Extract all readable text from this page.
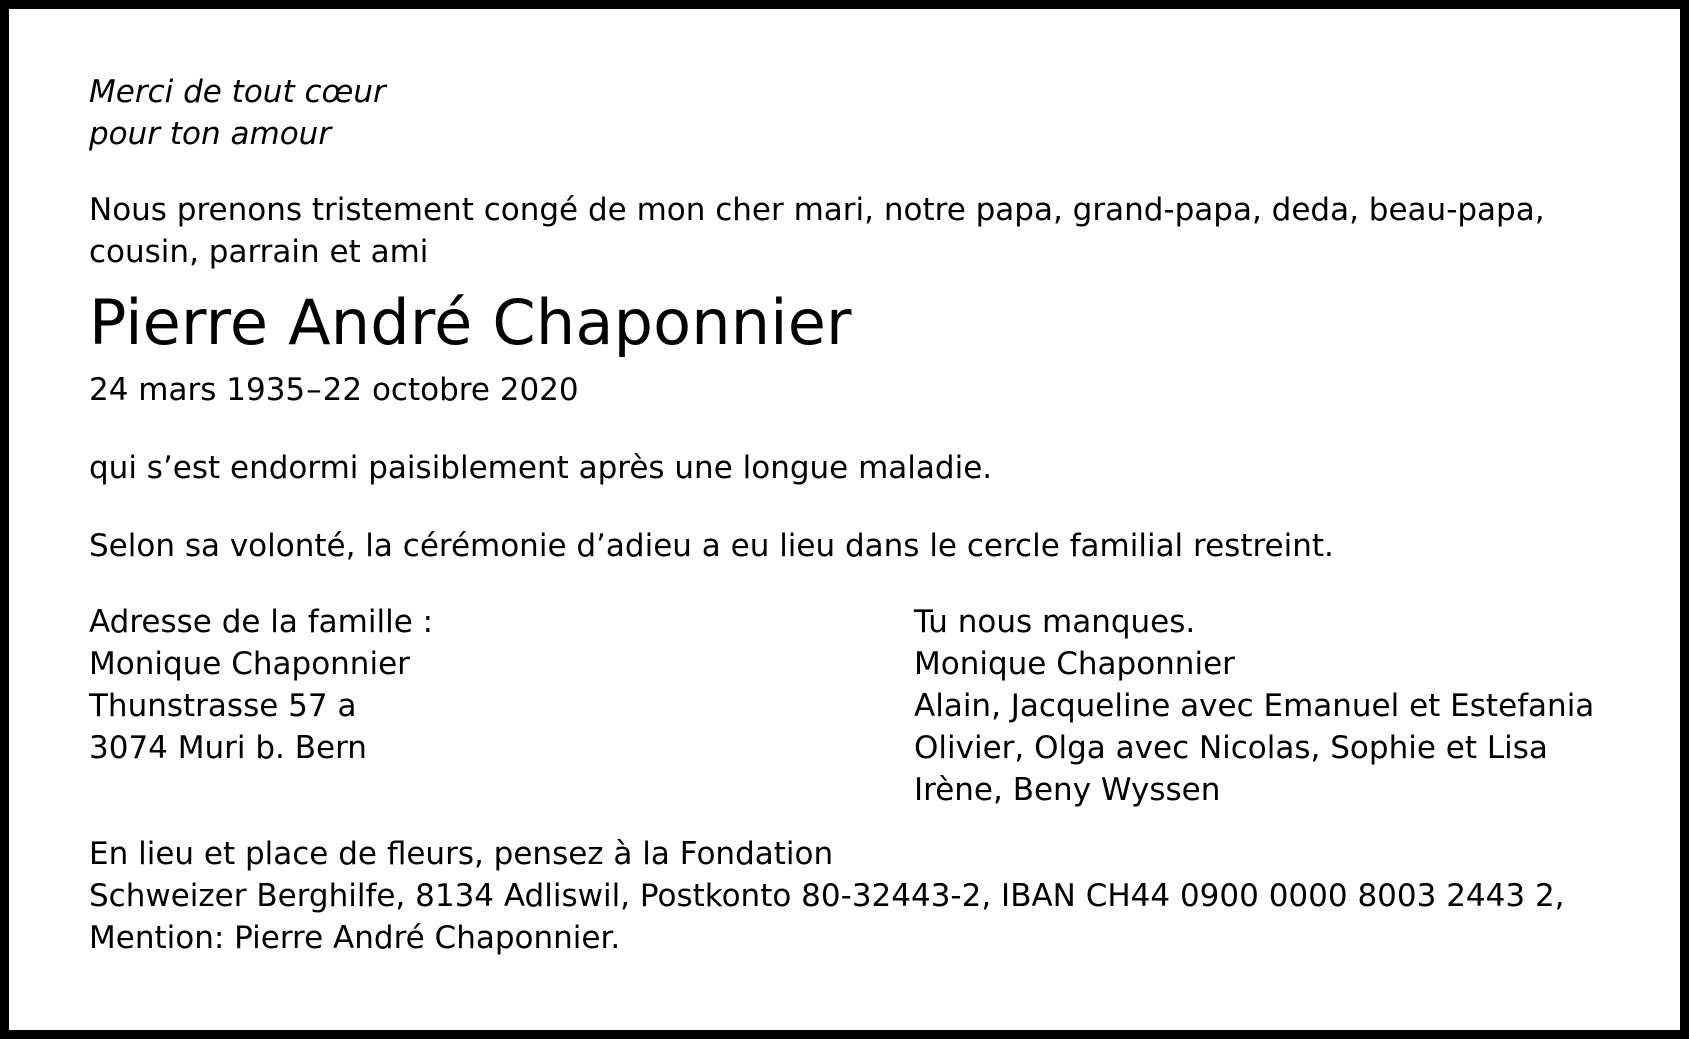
Merci de tout cœur
pour ton amour
Nous prenons tristement congé de mon cher mari, notre papa, grand-papa, deda, beau-papa,
cousin, parrain et ami
Pierre André Chaponnier
24 mars 1935–22 octobre 2020
qui s’est endormi paisiblement après une longue maladie.
Selon sa volonté, la cérémonie d’adieu a eu lieu dans le cercle familial restreint.
Adresse de la famille :
Monique Chaponnier
Thunstrasse 57 a
3074 Muri b. Bern
Tu nous manques.
Monique Chaponnier
Alain, Jacqueline avec Emanuel et Estefania
Olivier, Olga avec Nicolas, Sophie et Lisa
Irène, Beny Wyssen
En lieu et place de fleurs, pensez à la Fondation
Schweizer Berghilfe, 8134 Adliswil, Postkonto 80-32443-2, IBAN CH44 0900 0000 8003 2443 2,
Mention: Pierre André Chaponnier.
